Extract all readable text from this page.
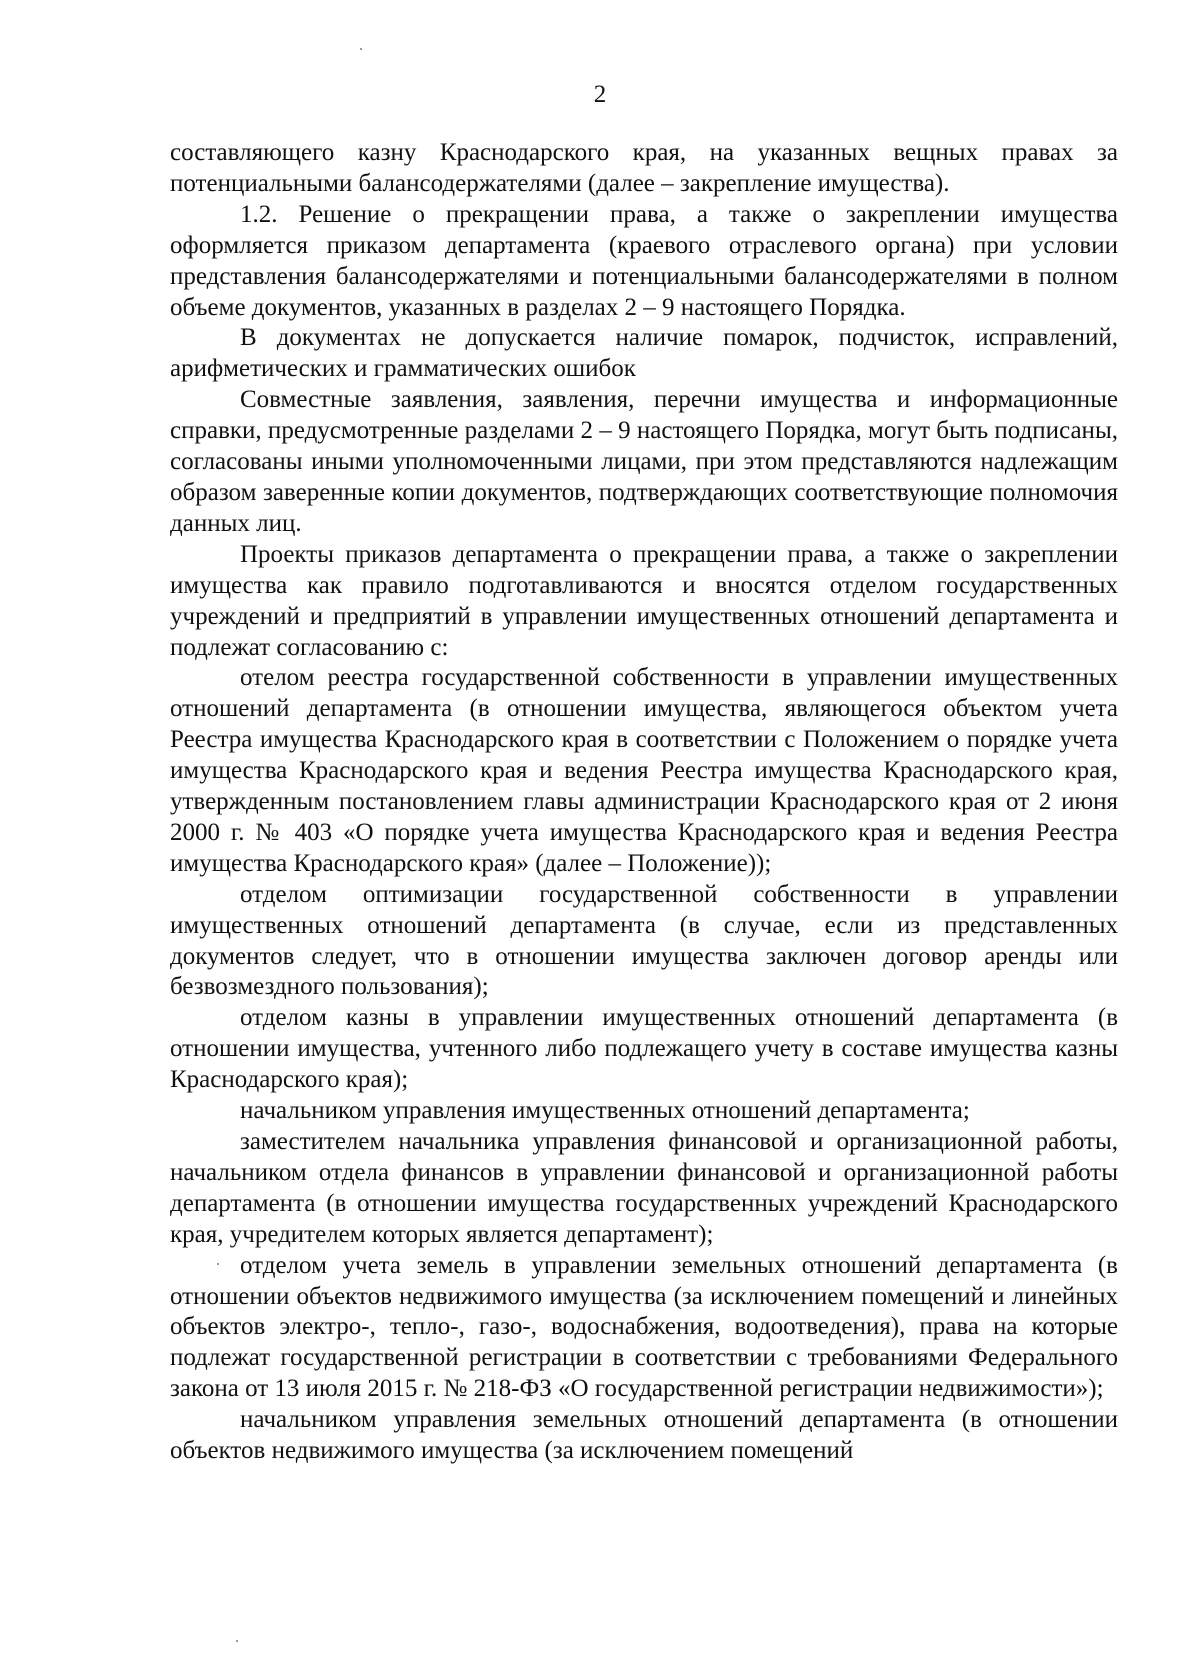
2

составляющего казну Краснодарского края, на указанных вещных правах за потенциальными балансодержателями (далее – закрепление имущества).

1.2. Решение о прекращении права, а также о закреплении имущества оформляется приказом департамента (краевого отраслевого органа) при условии представления балансодержателями и потенциальными балансодержателями в полном объеме документов, указанных в разделах 2 – 9 настоящего Порядка.

В документах не допускается наличие помарок, подчисток, исправлений, арифметических и грамматических ошибок

Совместные заявления, заявления, перечни имущества и информационные справки, предусмотренные разделами 2 – 9 настоящего Порядка, могут быть подписаны, согласованы иными уполномоченными лицами, при этом представляются надлежащим образом заверенные копии документов, подтверждающих соответствующие полномочия данных лиц.

Проекты приказов департамента о прекращении права, а также о закреплении имущества как правило подготавливаются и вносятся отделом государственных учреждений и предприятий в управлении имущественных отношений департамента и подлежат согласованию с:

отелом реестра государственной собственности в управлении имущественных отношений департамента (в отношении имущества, являющегося объектом учета Реестра имущества Краснодарского края в соответствии с Положением о порядке учета имущества Краснодарского края и ведения Реестра имущества Краснодарского края, утвержденным постановлением главы администрации Краснодарского края от 2 июня 2000 г. № 403 «О порядке учета имущества Краснодарского края и ведения Реестра имущества Краснодарского края» (далее – Положение));

отделом оптимизации государственной собственности в управлении имущественных отношений департамента (в случае, если из представленных документов следует, что в отношении имущества заключен договор аренды или безвозмездного пользования);

отделом казны в управлении имущественных отношений департамента (в отношении имущества, учтенного либо подлежащего учету в составе имущества казны Краснодарского края);

начальником управления имущественных отношений департамента;

заместителем начальника управления финансовой и организационной работы, начальником отдела финансов в управлении финансовой и организационной работы департамента (в отношении имущества государственных учреждений Краснодарского края, учредителем которых является департамент);

отделом учета земель в управлении земельных отношений департамента (в отношении объектов недвижимого имущества (за исключением помещений и линейных объектов электро-, тепло-, газо-, водоснабжения, водоотведения), права на которые подлежат государственной регистрации в соответствии с требованиями Федерального закона от 13 июля 2015 г. № 218-ФЗ «О государственной регистрации недвижимости»);

начальником управления земельных отношений департамента (в отношении объектов недвижимого имущества (за исключением помещений
